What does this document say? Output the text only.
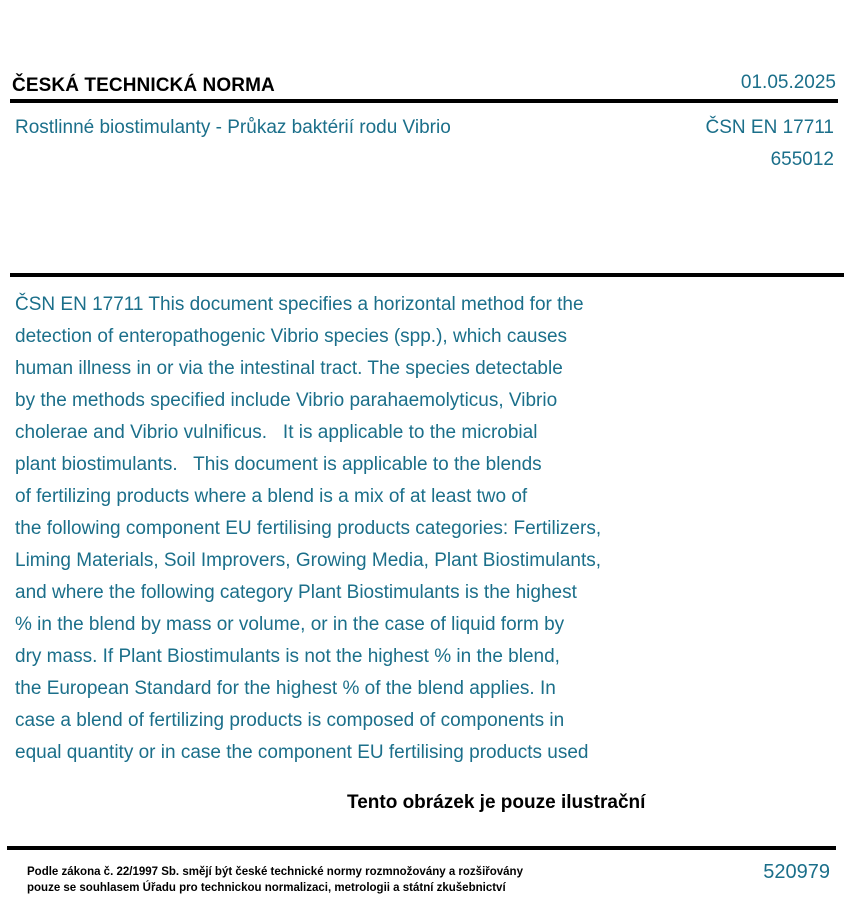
ČESKÁ TECHNICKÁ NORMA	01.05.2025
Rostlinné biostimulanty - Průkaz baktérií rodu Vibrio	ČSN EN 17711
655012
ČSN EN 17711 This document specifies a horizontal method for the
detection of enteropathogenic Vibrio species (spp.), which causes
human illness in or via the intestinal tract. The species detectable
by the methods specified include Vibrio parahaemolyticus, Vibrio
cholerae and Vibrio vulnificus.   It is applicable to the microbial
plant biostimulants.   This document is applicable to the blends
of fertilizing products where a blend is a mix of at least two of
the following component EU fertilising products categories: Fertilizers,
Liming Materials, Soil Improvers, Growing Media, Plant Biostimulants,
and where the following category Plant Biostimulants is the highest
% in the blend by mass or volume, or in the case of liquid form by
dry mass. If Plant Biostimulants is not the highest % in the blend,
the European Standard for the highest % of the blend applies. In
case a blend of fertilizing products is composed of components in
equal quantity or in case the component EU fertilising products used
Tento obrázek je pouze ilustrační
Podle zákona č. 22/1997 Sb. smějí být české technické normy rozmnožovány a rozšiřovány
pouze se souhlasem Úřadu pro technickou normalizaci, metrologii a státní zkušebnictví
520979
